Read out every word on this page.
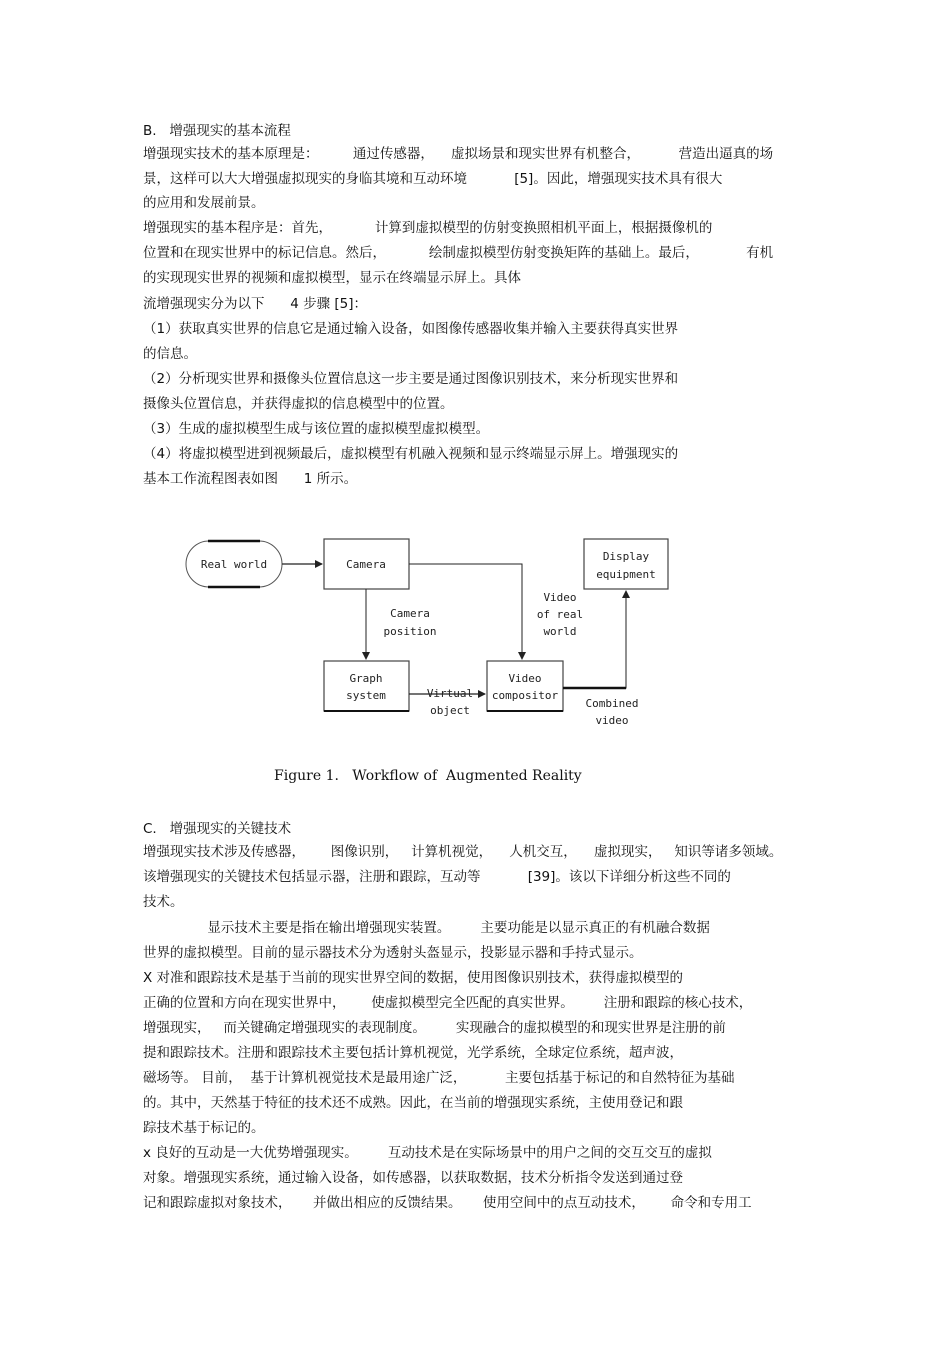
B.   增强现实的基本流程
增强现实技术的基本原理是：        通过传感器，    虚拟场景和现实世界有机整合，         营造出逼真的场
景，这样可以大大增强虚拟现实的身临其境和互动环境           [5]。因此，增强现实技术具有很大
的应用和发展前景。
增强现实的基本程序是：首先，          计算到虚拟模型的仿射变换照相机平面上，根据摄像机的
位置和在现实世界中的标记信息。然后，          绘制虚拟模型仿射变换矩阵的基础上。最后，           有机
的实现现实世界的视频和虚拟模型，显示在终端显示屏上。具体
流增强现实分为以下      4 步骤 [5]：
（1）获取真实世界的信息它是通过输入设备，如图像传感器收集并输入主要获得真实世界
的信息。
（2）分析现实世界和摄像头位置信息这一步主要是通过图像识别技术，来分析现实世界和
摄像头位置信息，并获得虚拟的信息模型中的位置。
（3）生成的虚拟模型生成与该位置的虚拟模型虚拟模型。
（4）将虚拟模型进到视频最后，虚拟模型有机融入视频和显示终端显示屏上。增强现实的
基本工作流程图表如图      1 所示。
Real world	Camera
Display
equipment
Graph
system
Video
compositor
Camera
position
Video
of real
world
Virtual
object
Combined
video
Figure 1.   Workflow of  Augmented Reality
C.   增强现实的关键技术
增强现实技术涉及传感器，      图像识别，   计算机视觉，    人机交互，    虚拟现实，   知识等诸多领域。
该增强现实的关键技术包括显示器，注册和跟踪，互动等           [39]。该以下详细分析这些不同的
技术。
显示技术主要是指在输出增强现实装置。       主要功能是以显示真正的有机融合数据
世界的虚拟模型。目前的显示器技术分为透射头盔显示，投影显示器和手持式显示。
X 对准和跟踪技术是基于当前的现实世界空间的数据，使用图像识别技术，获得虚拟模型的
正确的位置和方向在现实世界中，      使虚拟模型完全匹配的真实世界。       注册和跟踪的核心技术，
增强现实，   而关键确定增强现实的表现制度。       实现融合的虚拟模型的和现实世界是注册的前
提和跟踪技术。注册和跟踪技术主要包括计算机视觉，光学系统，全球定位系统，超声波，
磁场等。 目前，  基于计算机视觉技术是最用途广泛，         主要包括基于标记的和自然特征为基础
的。其中，天然基于特征的技术还不成熟。因此，在当前的增强现实系统，主使用登记和跟
踪技术基于标记的。
x 良好的互动是一大优势增强现实。       互动技术是在实际场景中的用户之间的交互交互的虚拟
对象。增强现实系统，通过输入设备，如传感器，以获取数据，技术分析指令发送到通过登
记和跟踪虚拟对象技术，     并做出相应的反馈结果。     使用空间中的点互动技术，      命令和专用工
